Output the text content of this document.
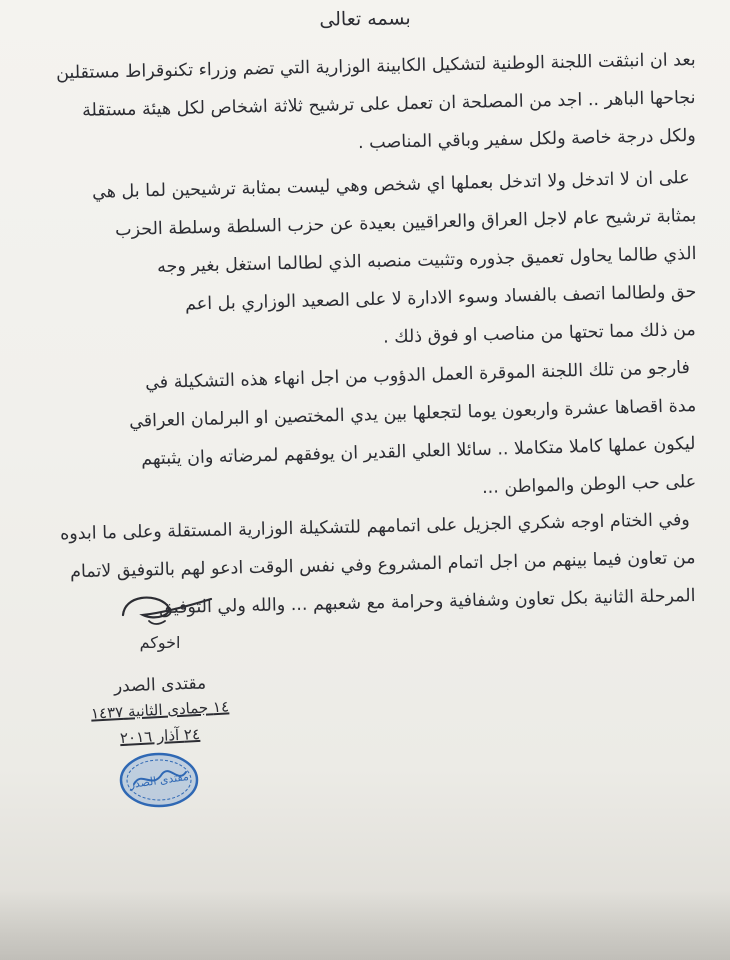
بسمه تعالى
بعد ان انبثقت اللجنة الوطنية لتشكيل الكابينة الوزارية التي تضم وزراء تكنوقراط مستقلين
نجاحها الباهر .. اجد من المصلحة ان تعمل على ترشيح ثلاثة اشخاص لكل هيئة مستقلة
ولكل درجة خاصة ولكل سفير وباقي المناصب .
على ان لا اتدخل ولا اتدخل بعملها اي شخص وهي ليست بمثابة ترشيحين لما بل هي
بمثابة ترشيح عام لاجل العراق والعراقيين بعيدة عن حزب السلطة وسلطة الحزب
الذي طالما يحاول تعميق جذوره وتثبيت منصبه الذي لطالما استغل بغير وجه
حق ولطالما اتصف بالفساد وسوء الادارة لا على الصعيد الوزاري بل اعم
من ذلك مما تحتها من مناصب او فوق ذلك .
فارجو من تلك اللجنة الموقرة العمل الدؤوب من اجل انهاء هذه التشكيلة في
مدة اقصاها عشرة واربعون يوما لتجعلها بين يدي المختصين او البرلمان العراقي
ليكون عملها كاملا متكاملا .. سائلا العلي القدير ان يوفقهم لمرضاته وان يثبتهم
على حب الوطن والمواطن ...
وفي الختام اوجه شكري الجزيل على اتمامهم للتشكيلة الوزارية المستقلة وعلى ما ابدوه
من تعاون فيما بينهم من اجل اتمام المشروع وفي نفس الوقت ادعو لهم بالتوفيق لاتمام
المرحلة الثانية بكل تعاون وشفافية وحرامة مع شعبهم ... والله ولي التوفيق
اخوكم
مقتدى الصدر
١٤ جمادى الثانية ١٤٣٧
٢٤ آذار ٢٠١٦
مقتدى الصدر
